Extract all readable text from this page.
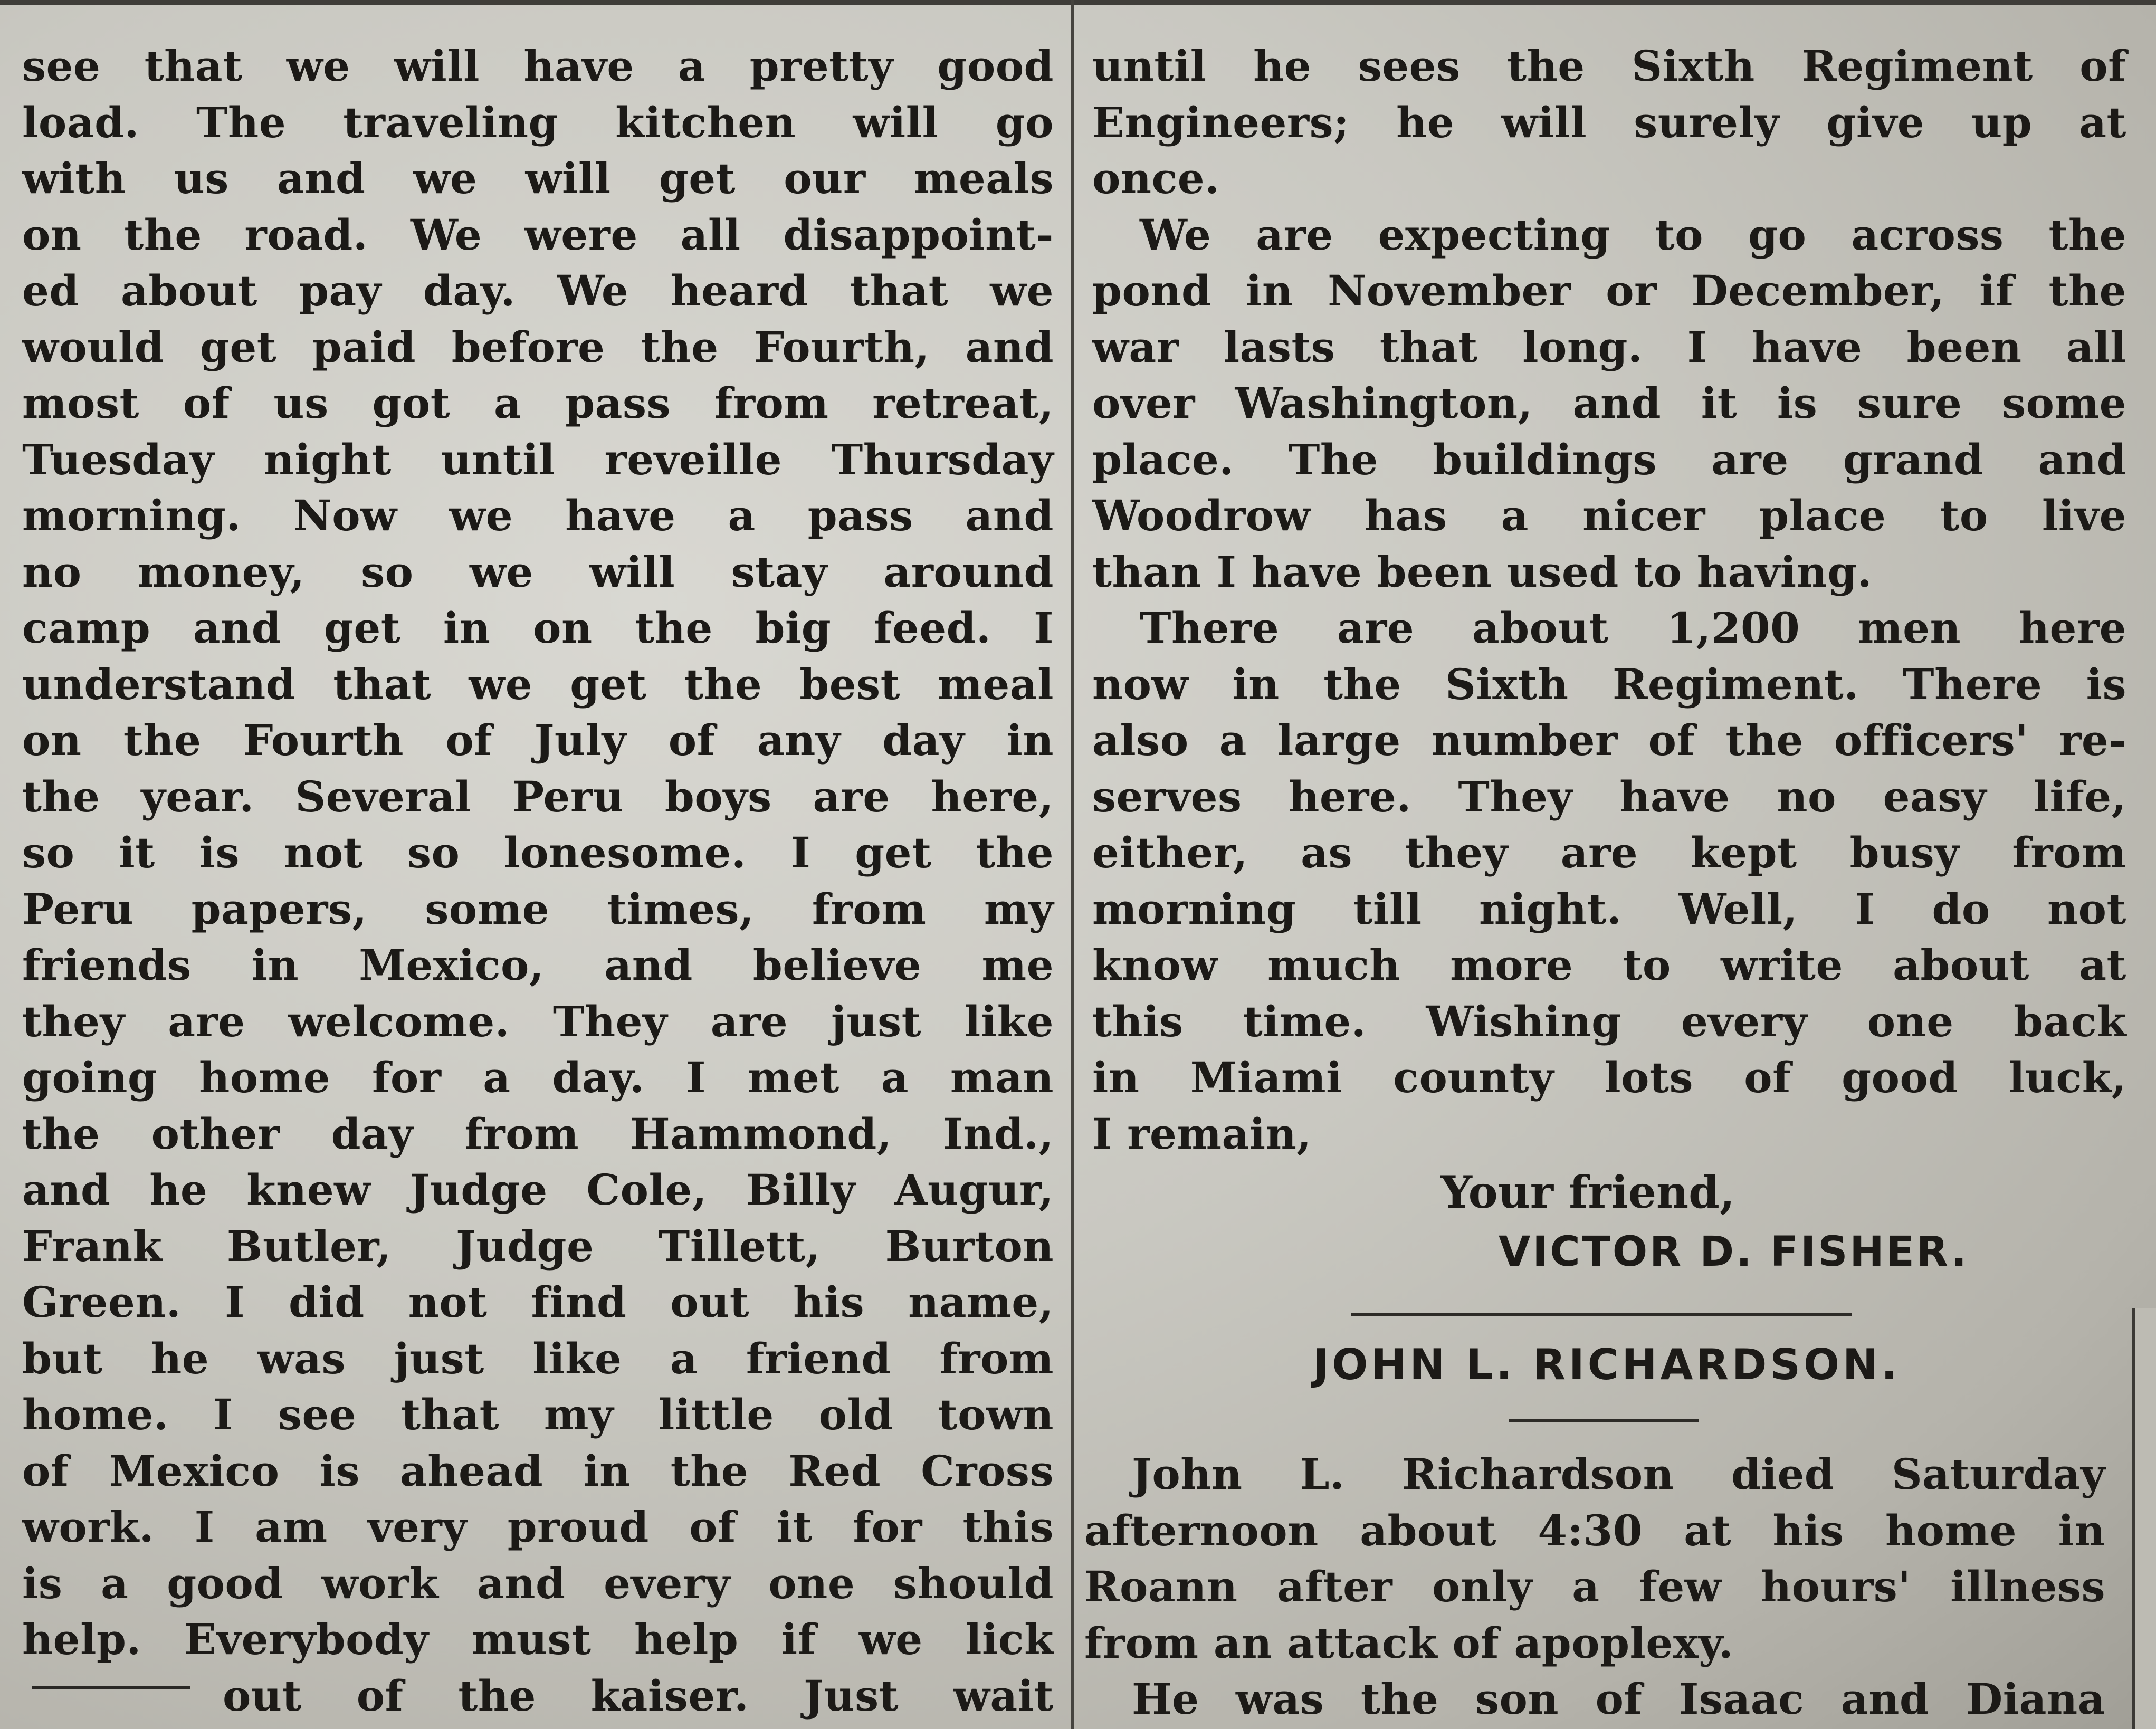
see that we will have a pretty good
load. The traveling kitchen will go
with us and we will get our meals
on the road. We were all disappoint-
ed about pay day. We heard that we
would get paid before the Fourth, and
most of us got a pass from retreat,
Tuesday night until reveille Thursday
morning. Now we have a pass and
no money, so we will stay around
camp and get in on the big feed. I
understand that we get the best meal
on the Fourth of July of any day in
the year. Several Peru boys are here,
so it is not so lonesome. I get the
Peru papers, some times, from my
friends in Mexico, and believe me
they are welcome. They are just like
going home for a day. I met a man
the other day from Hammond, Ind.,
and he knew Judge Cole, Billy Augur,
Frank Butler, Judge Tillett, Burton
Green. I did not find out his name,
but he was just like a friend from
home. I see that my little old town
of Mexico is ahead in the Red Cross
work. I am very proud of it for this
is a good work and every one should
help. Everybody must help if we lick
out of the kaiser. Just wait
until he sees the Sixth Regiment of
Engineers; he will surely give up at
once.
We are expecting to go across the
pond in November or December, if the
war lasts that long. I have been all
over Washington, and it is sure some
place. The buildings are grand and
Woodrow has a nicer place to live
than I have been used to having.
There are about 1,200 men here
now in the Sixth Regiment. There is
also a large number of the officers' re-
serves here. They have no easy life,
either, as they are kept busy from
morning till night. Well, I do not
know much more to write about at
this time. Wishing every one back
in Miami county lots of good luck,
I remain,
Your friend,
VICTOR D. FISHER.
JOHN L. RICHARDSON.
John L. Richardson died Saturday
afternoon about 4:30 at his home in
Roann after only a few hours' illness
from an attack of apoplexy.
He was the son of Isaac and Diana
